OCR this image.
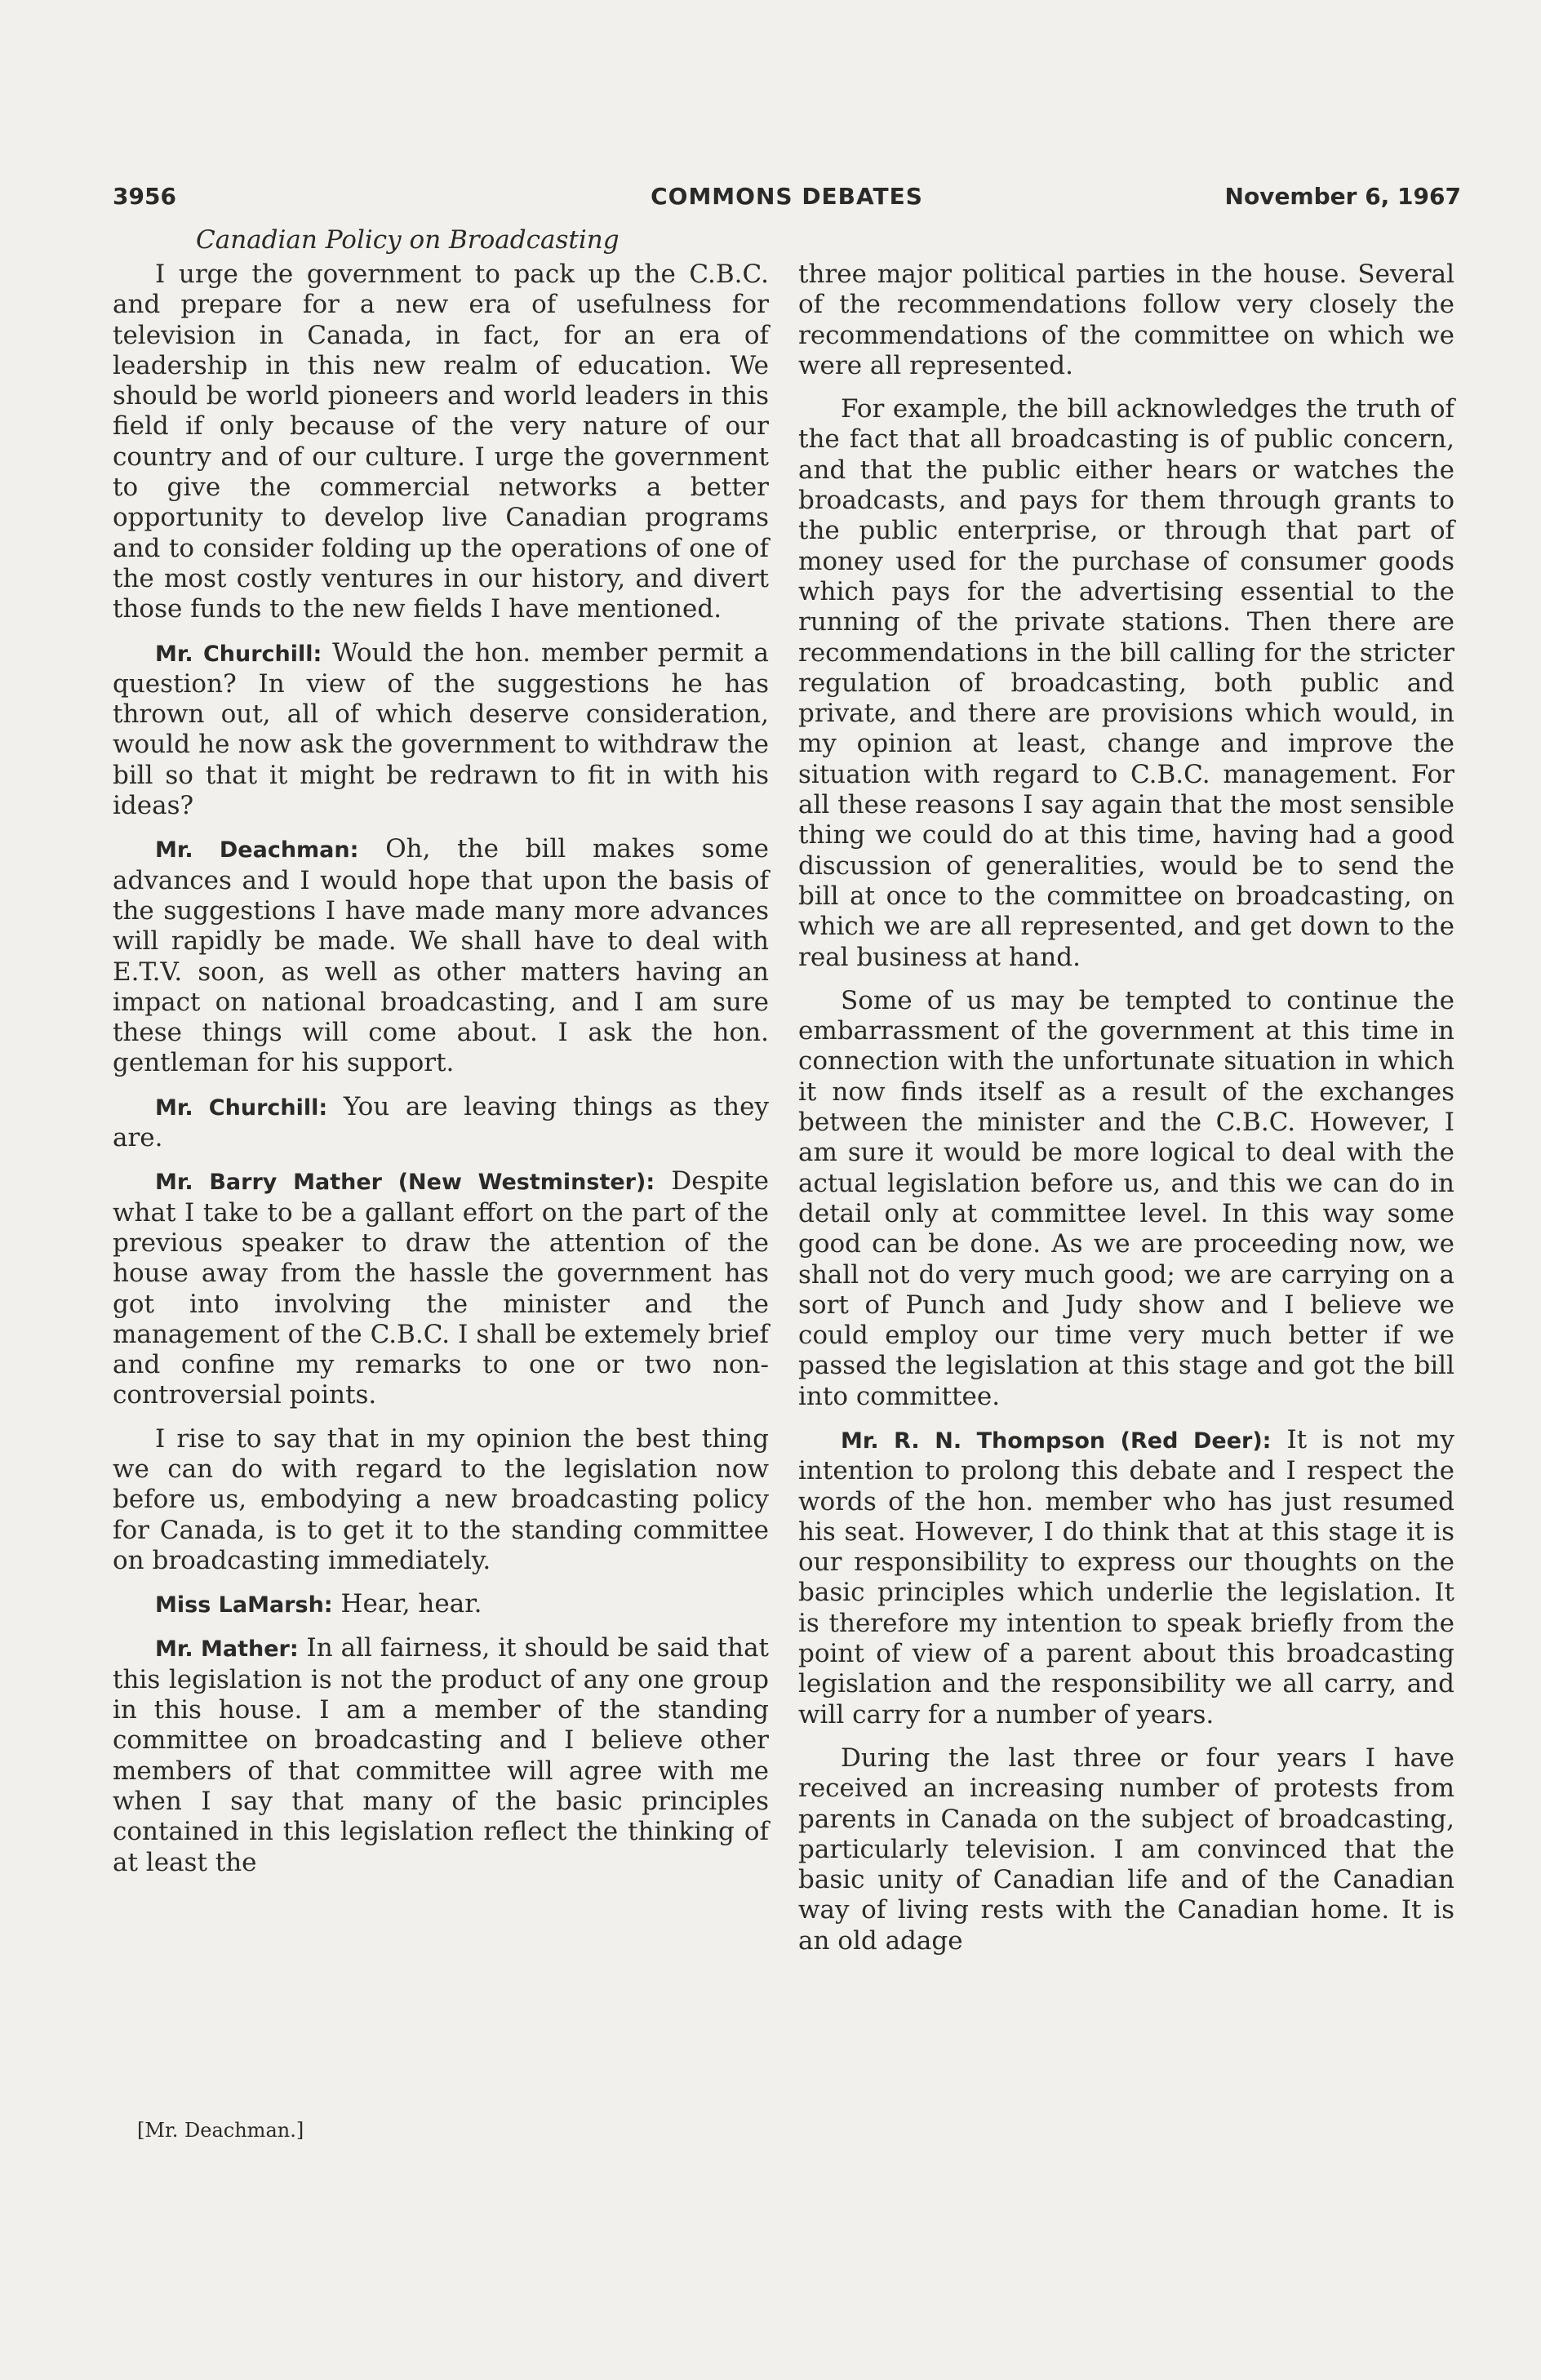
3956	COMMONS DEBATES	November 6, 1967
Canadian Policy on Broadcasting

I urge the government to pack up the C.B.C. and prepare for a new era of usefulness for television in Canada, in fact, for an era of leadership in this new realm of education. We should be world pioneers and world leaders in this field if only because of the very nature of our country and of our culture. I urge the government to give the commercial networks a better opportunity to develop live Canadian programs and to consider folding up the operations of one of the most costly ventures in our history, and divert those funds to the new fields I have mentioned.

Mr. Churchill: Would the hon. member permit a question? In view of the suggestions he has thrown out, all of which deserve consideration, would he now ask the government to withdraw the bill so that it might be redrawn to fit in with his ideas?

Mr. Deachman: Oh, the bill makes some advances and I would hope that upon the basis of the suggestions I have made many more advances will rapidly be made. We shall have to deal with E.T.V. soon, as well as other matters having an impact on national broadcasting, and I am sure these things will come about. I ask the hon. gentleman for his support.

Mr. Churchill: You are leaving things as they are.

Mr. Barry Mather (New Westminster): Despite what I take to be a gallant effort on the part of the previous speaker to draw the attention of the house away from the hassle the government has got into involving the minister and the management of the C.B.C. I shall be extemely brief and confine my remarks to one or two non-controversial points.

I rise to say that in my opinion the best thing we can do with regard to the legislation now before us, embodying a new broadcasting policy for Canada, is to get it to the standing committee on broadcasting immediately.

Miss LaMarsh: Hear, hear.

Mr. Mather: In all fairness, it should be said that this legislation is not the product of any one group in this house. I am a member of the standing committee on broadcasting and I believe other members of that committee will agree with me when I say that many of the basic principles contained in this legislation reflect the thinking of at least the

three major political parties in the house. Several of the recommendations follow very closely the recommendations of the committee on which we were all represented.

For example, the bill acknowledges the truth of the fact that all broadcasting is of public concern, and that the public either hears or watches the broadcasts, and pays for them through grants to the public enterprise, or through that part of money used for the purchase of consumer goods which pays for the advertising essential to the running of the private stations. Then there are recommendations in the bill calling for the stricter regulation of broadcasting, both public and private, and there are provisions which would, in my opinion at least, change and improve the situation with regard to C.B.C. management. For all these reasons I say again that the most sensible thing we could do at this time, having had a good discussion of generalities, would be to send the bill at once to the committee on broadcasting, on which we are all represented, and get down to the real business at hand.

Some of us may be tempted to continue the embarrassment of the government at this time in connection with the unfortunate situation in which it now finds itself as a result of the exchanges between the minister and the C.B.C. However, I am sure it would be more logical to deal with the actual legislation before us, and this we can do in detail only at committee level. In this way some good can be done. As we are proceeding now, we shall not do very much good; we are carrying on a sort of Punch and Judy show and I believe we could employ our time very much better if we passed the legislation at this stage and got the bill into committee.

Mr. R. N. Thompson (Red Deer): It is not my intention to prolong this debate and I respect the words of the hon. member who has just resumed his seat. However, I do think that at this stage it is our responsibility to express our thoughts on the basic principles which underlie the legislation. It is therefore my intention to speak briefly from the point of view of a parent about this broadcasting legislation and the responsibility we all carry, and will carry for a number of years.

During the last three or four years I have received an increasing number of protests from parents in Canada on the subject of broadcasting, particularly television. I am convinced that the basic unity of Canadian life and of the Canadian way of living rests with the Canadian home. It is an old adage

[Mr. Deachman.]
